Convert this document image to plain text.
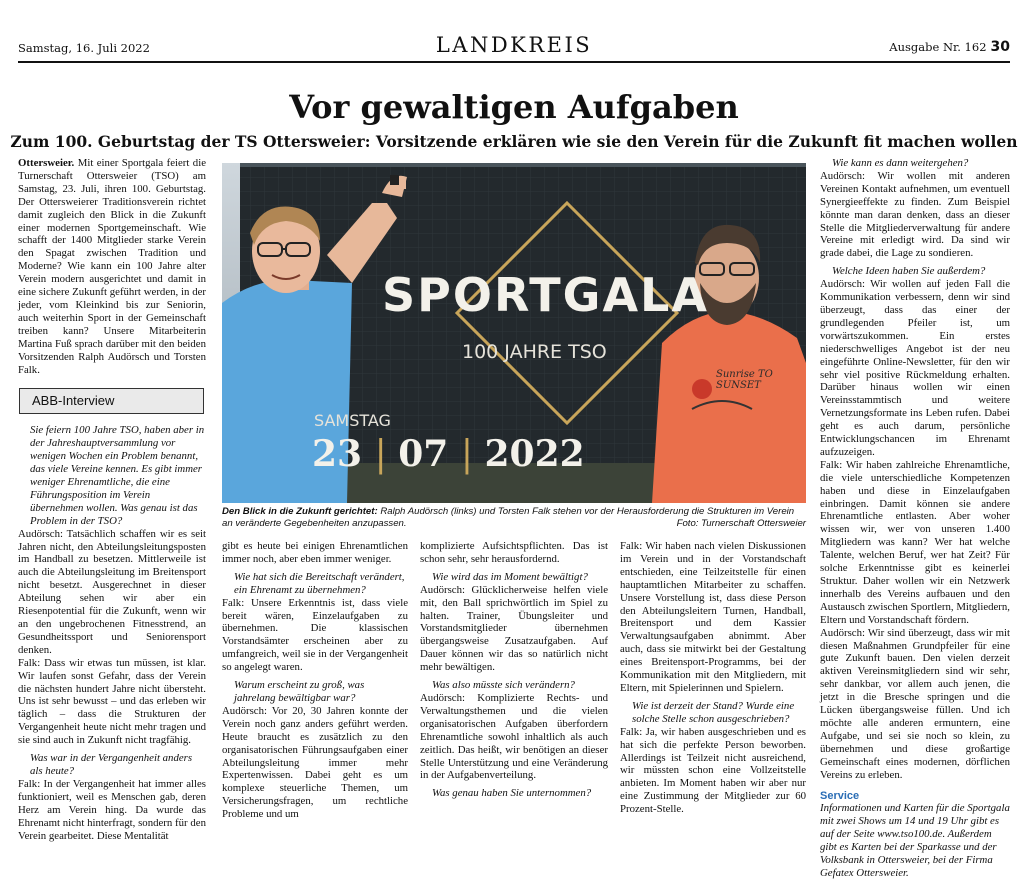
Samstag, 16. Juli 2022	LANDKREIS	Ausgabe Nr. 162 30
Vor gewaltigen Aufgaben
Zum 100. Geburtstag der TS Ottersweier: Vorsitzende erklären wie sie den Verein für die Zukunft fit machen wollen

Ottersweier. Mit einer Sportgala feiert die Turnerschaft Ottersweier (TSO) am Samstag, 23. Juli, ihren 100. Geburtstag. Der Ottersweierer Traditionsverein richtet damit zugleich den Blick in die Zukunft einer modernen Sportgemeinschaft. Wie schafft der 1400 Mitglieder starke Verein den Spagat zwischen Tradition und Moderne? Wie kann ein 100 Jahre alter Verein modern ausgerichtet und damit in eine sichere Zukunft geführt werden, in der jeder, vom Kleinkind bis zur Seniorin, auch weiterhin Sport in der Gemeinschaft treiben kann? Unsere Mitarbeiterin Martina Fuß sprach darüber mit den beiden Vorsitzenden Ralph Audörsch und Torsten Falk.

ABB-Interview

Sie feiern 100 Jahre TSO, haben aber in der Jahreshauptversammlung vor wenigen Wochen ein Problem benannt, das viele Vereine kennen. Es gibt immer weniger Ehrenamtliche, die eine Führungsposition im Verein übernehmen wollen. Was genau ist das Problem in der TSO?

Audörsch: Tatsächlich schaffen wir es seit Jahren nicht, den Abteilungsleitungsposten im Handball zu besetzen. Mittlerweile ist auch die Abteilungsleitung im Breitensport nicht besetzt. Ausgerechnet in dieser Abteilung sehen wir aber ein Riesenpotential für die Zukunft, wenn wir an den ungebrochenen Fitnesstrend, an Gesundheitssport und Seniorensport denken.

Falk: Dass wir etwas tun müssen, ist klar. Wir laufen sonst Gefahr, dass der Verein die nächsten hundert Jahre nicht übersteht. Uns ist sehr bewusst – und das erleben wir täglich – dass die Strukturen der Vergangenheit heute nicht mehr tragen und sie sind auch in Zukunft nicht tragfähig.

Was war in der Vergangenheit anders als heute?

Falk: In der Vergangenheit hat immer alles funktioniert, weil es Menschen gab, deren Herz am Verein hing. Da wurde das Ehrenamt nicht hinterfragt, sondern für den Verein gearbeitet. Diese Mentalität

SPORTGALA
100 JAHRE TSO
SAMSTAG
23 | 07 | 2022
Sunrise TO SUNSET
Den Blick in die Zukunft gerichtet: Ralph Audörsch (links) und Torsten Falk stehen vor der Herausforderung die Strukturen im Verein an veränderte Gegebenheiten anzupassen.	Foto: Turnerschaft Ottersweier

gibt es heute bei einigen Ehrenamtlichen immer noch, aber eben immer weniger.

Wie hat sich die Bereitschaft verändert, ein Ehrenamt zu übernehmen?

Falk: Unsere Erkenntnis ist, dass viele bereit wären, Einzelaufgaben zu übernehmen. Die klassischen Vorstandsämter erscheinen aber zu umfangreich, weil sie in der Vergangenheit so angelegt waren.

Warum erscheint zu groß, was jahrelang bewältigbar war?

Audörsch: Vor 20, 30 Jahren konnte der Verein noch ganz anders geführt werden. Heute braucht es zusätzlich zu den organisatorischen Führungsaufgaben einer Abteilungsleitung immer mehr Expertenwissen. Dabei geht es um komplexe steuerliche Themen, um Versicherungsfragen, um rechtliche Probleme und um

komplizierte Aufsichtspflichten. Das ist schon sehr, sehr herausfordernd.

Wie wird das im Moment bewältigt?

Audörsch: Glücklicherweise helfen viele mit, den Ball sprichwörtlich im Spiel zu halten. Trainer, Übungsleiter und Vorstandsmitglieder übernehmen übergangsweise Zusatzaufgaben. Auf Dauer können wir das so natürlich nicht mehr bewältigen.

Was also müsste sich verändern?

Audörsch: Komplizierte Rechts- und Verwaltungsthemen und die vielen organisatorischen Aufgaben überfordern Ehrenamtliche sowohl inhaltlich als auch zeitlich. Das heißt, wir benötigen an dieser Stelle Unterstützung und eine Veränderung in der Aufgabenverteilung.

Was genau haben Sie unternommen?

Falk: Wir haben nach vielen Diskussionen im Verein und in der Vorstandschaft entschieden, eine Teilzeitstelle für einen hauptamtlichen Mitarbeiter zu schaffen. Unsere Vorstellung ist, dass diese Person den Abteilungsleitern Turnen, Handball, Breitensport und dem Kassier Verwaltungsaufgaben abnimmt. Aber auch, dass sie mitwirkt bei der Gestaltung eines Breitensport-Programms, bei der Kommunikation mit den Mitgliedern, mit Eltern, mit Spielerinnen und Spielern.

Wie ist derzeit der Stand? Wurde eine solche Stelle schon ausgeschrieben?

Falk: Ja, wir haben ausgeschrieben und es hat sich die perfekte Person beworben. Allerdings ist Teilzeit nicht ausreichend, wir müssten schon eine Vollzeitstelle anbieten. Im Moment haben wir aber nur eine Zustimmung der Mitglieder zur 60 Prozent-Stelle.

Wie kann es dann weitergehen?

Audörsch: Wir wollen mit anderen Vereinen Kontakt aufnehmen, um eventuell Synergieeffekte zu finden. Zum Beispiel könnte man daran denken, dass an dieser Stelle die Mitgliederverwaltung für andere Vereine mit erledigt wird. Da sind wir grade dabei, die Lage zu sondieren.

Welche Ideen haben Sie außerdem?

Audörsch: Wir wollen auf jeden Fall die Kommunikation verbessern, denn wir sind überzeugt, dass das einer der grundlegenden Pfeiler ist, um vorwärtszukommen. Ein erstes niederschwelliges Angebot ist der neu eingeführte Online-Newsletter, für den wir sehr viel positive Rückmeldung erhalten. Darüber hinaus wollen wir einen Vereinsstammtisch und weitere Vernetzungsformate ins Leben rufen. Dabei geht es auch darum, persönliche Entwicklungschancen im Ehrenamt aufzuzeigen.

Falk: Wir haben zahlreiche Ehrenamtliche, die viele unterschiedliche Kompetenzen haben und diese in Einzelaufgaben einbringen. Damit können sie andere Ehrenamtliche entlasten. Aber woher wissen wir, wer von unseren 1.400 Mitgliedern was kann? Wer hat welche Talente, welchen Beruf, wer hat Zeit? Für solche Erkenntnisse gibt es keinerlei Struktur. Daher wollen wir ein Netzwerk innerhalb des Vereins aufbauen und den Austausch zwischen Sportlern, Mitgliedern, Eltern und Vorstandschaft fördern.

Audörsch: Wir sind überzeugt, dass wir mit diesen Maßnahmen Grundpfeiler für eine gute Zukunft bauen. Den vielen derzeit aktiven Vereinsmitgliedern sind wir sehr, sehr dankbar, vor allem auch jenen, die jetzt in die Bresche springen und die Lücken übergangsweise füllen. Und ich möchte alle anderen ermuntern, eine Aufgabe, und sei sie noch so klein, zu übernehmen und diese großartige Gemeinschaft eines modernen, dörflichen Vereins zu erleben.

Service

Informationen und Karten für die Sportgala mit zwei Shows um 14 und 19 Uhr gibt es auf der Seite www.tso100.de. Außerdem gibt es Karten bei der Sparkasse und der Volksbank in Ottersweier, bei der Firma Gefatex Ottersweier.
